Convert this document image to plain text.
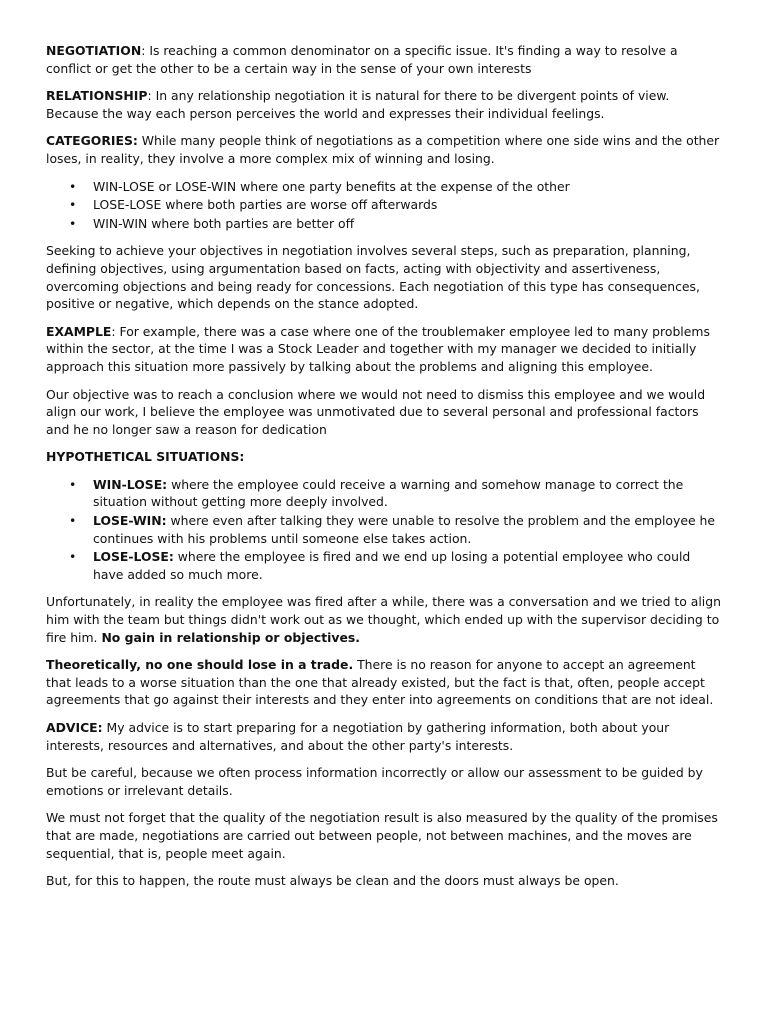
NEGOTIATION: Is reaching a common denominator on a specific issue. It's finding a way to resolve a conflict or get the other to be a certain way in the sense of your own interests

RELATIONSHIP: In any relationship negotiation it is natural for there to be divergent points of view. Because the way each person perceives the world and expresses their individual feelings.

CATEGORIES: While many people think of negotiations as a competition where one side wins and the other loses, in reality, they involve a more complex mix of winning and losing.

• WIN-LOSE or LOSE-WIN where one party benefits at the expense of the other
• LOSE-LOSE where both parties are worse off afterwards
• WIN-WIN where both parties are better off

Seeking to achieve your objectives in negotiation involves several steps, such as preparation, planning, defining objectives, using argumentation based on facts, acting with objectivity and assertiveness, overcoming objections and being ready for concessions. Each negotiation of this type has consequences, positive or negative, which depends on the stance adopted.

EXAMPLE: For example, there was a case where one of the troublemaker employee led to many problems within the sector, at the time I was a Stock Leader and together with my manager we decided to initially approach this situation more passively by talking about the problems and aligning this employee.

Our objective was to reach a conclusion where we would not need to dismiss this employee and we would align our work, I believe the employee was unmotivated due to several personal and professional factors and he no longer saw a reason for dedication

HYPOTHETICAL SITUATIONS:

• WIN-LOSE: where the employee could receive a warning and somehow manage to correct the situation without getting more deeply involved.
• LOSE-WIN: where even after talking they were unable to resolve the problem and the employee he continues with his problems until someone else takes action.
• LOSE-LOSE: where the employee is fired and we end up losing a potential employee who could have added so much more.

Unfortunately, in reality the employee was fired after a while, there was a conversation and we tried to align him with the team but things didn't work out as we thought, which ended up with the supervisor deciding to fire him. No gain in relationship or objectives.

Theoretically, no one should lose in a trade. There is no reason for anyone to accept an agreement that leads to a worse situation than the one that already existed, but the fact is that, often, people accept agreements that go against their interests and they enter into agreements on conditions that are not ideal.

ADVICE: My advice is to start preparing for a negotiation by gathering information, both about your interests, resources and alternatives, and about the other party's interests.

But be careful, because we often process information incorrectly or allow our assessment to be guided by emotions or irrelevant details.

We must not forget that the quality of the negotiation result is also measured by the quality of the promises that are made, negotiations are carried out between people, not between machines, and the moves are sequential, that is, people meet again.

But, for this to happen, the route must always be clean and the doors must always be open.
